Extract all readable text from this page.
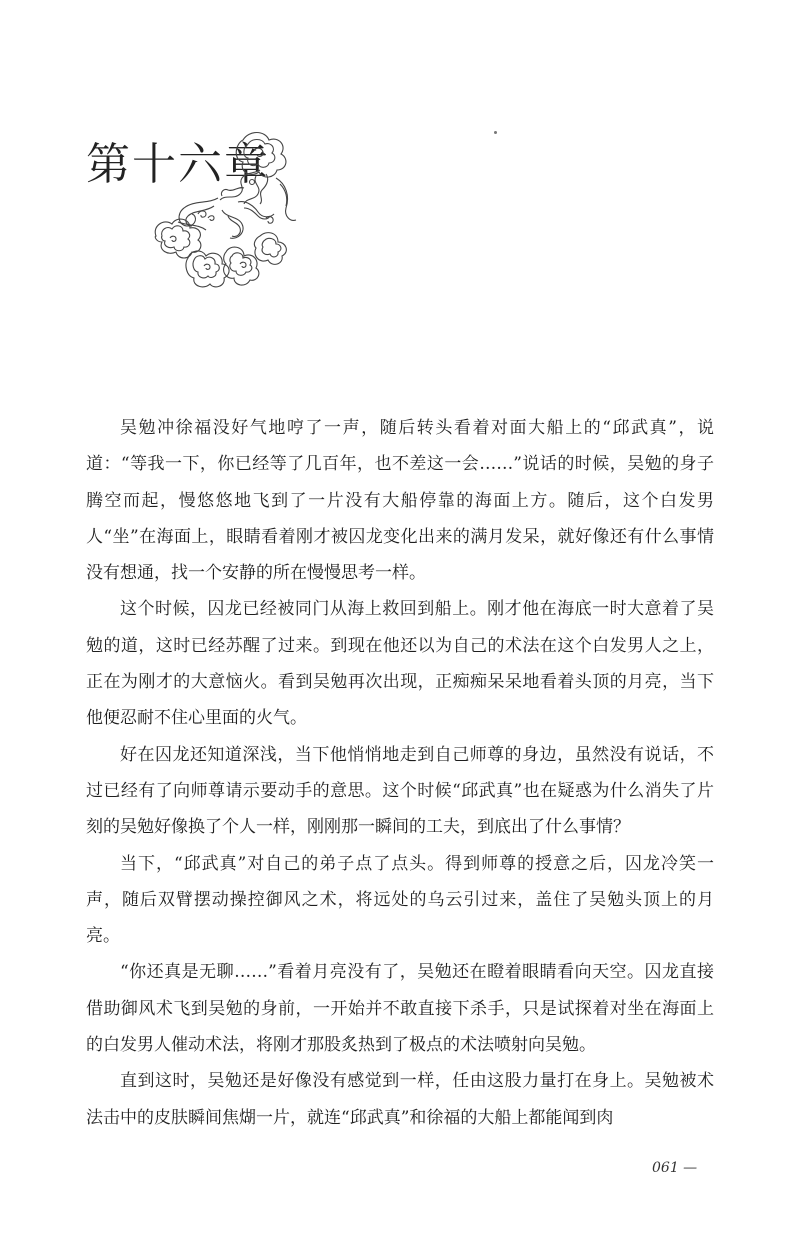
第十六章

吴勉冲徐福没好气地哼了一声，随后转头看着对面大船上的“邱武真”，说道：“等我一下，你已经等了几百年，也不差这一会……”说话的时候，吴勉的身子腾空而起，慢悠悠地飞到了一片没有大船停靠的海面上方。随后，这个白发男人“坐”在海面上，眼睛看着刚才被囚龙变化出来的满月发呆，就好像还有什么事情没有想通，找一个安静的所在慢慢思考一样。

这个时候，囚龙已经被同门从海上救回到船上。刚才他在海底一时大意着了吴勉的道，这时已经苏醒了过来。到现在他还以为自己的术法在这个白发男人之上，正在为刚才的大意恼火。看到吴勉再次出现，正痴痴呆呆地看着头顶的月亮，当下他便忍耐不住心里面的火气。

好在囚龙还知道深浅，当下他悄悄地走到自己师尊的身边，虽然没有说话，不过已经有了向师尊请示要动手的意思。这个时候“邱武真”也在疑惑为什么消失了片刻的吴勉好像换了个人一样，刚刚那一瞬间的工夫，到底出了什么事情？

当下，“邱武真”对自己的弟子点了点头。得到师尊的授意之后，囚龙冷笑一声，随后双臂摆动操控御风之术，将远处的乌云引过来，盖住了吴勉头顶上的月亮。

“你还真是无聊……”看着月亮没有了，吴勉还在瞪着眼睛看向天空。囚龙直接借助御风术飞到吴勉的身前，一开始并不敢直接下杀手，只是试探着对坐在海面上的白发男人催动术法，将刚才那股炙热到了极点的术法喷射向吴勉。

直到这时，吴勉还是好像没有感觉到一样，任由这股力量打在身上。吴勉被术法击中的皮肤瞬间焦煳一片，就连“邱武真”和徐福的大船上都能闻到肉

061 —
